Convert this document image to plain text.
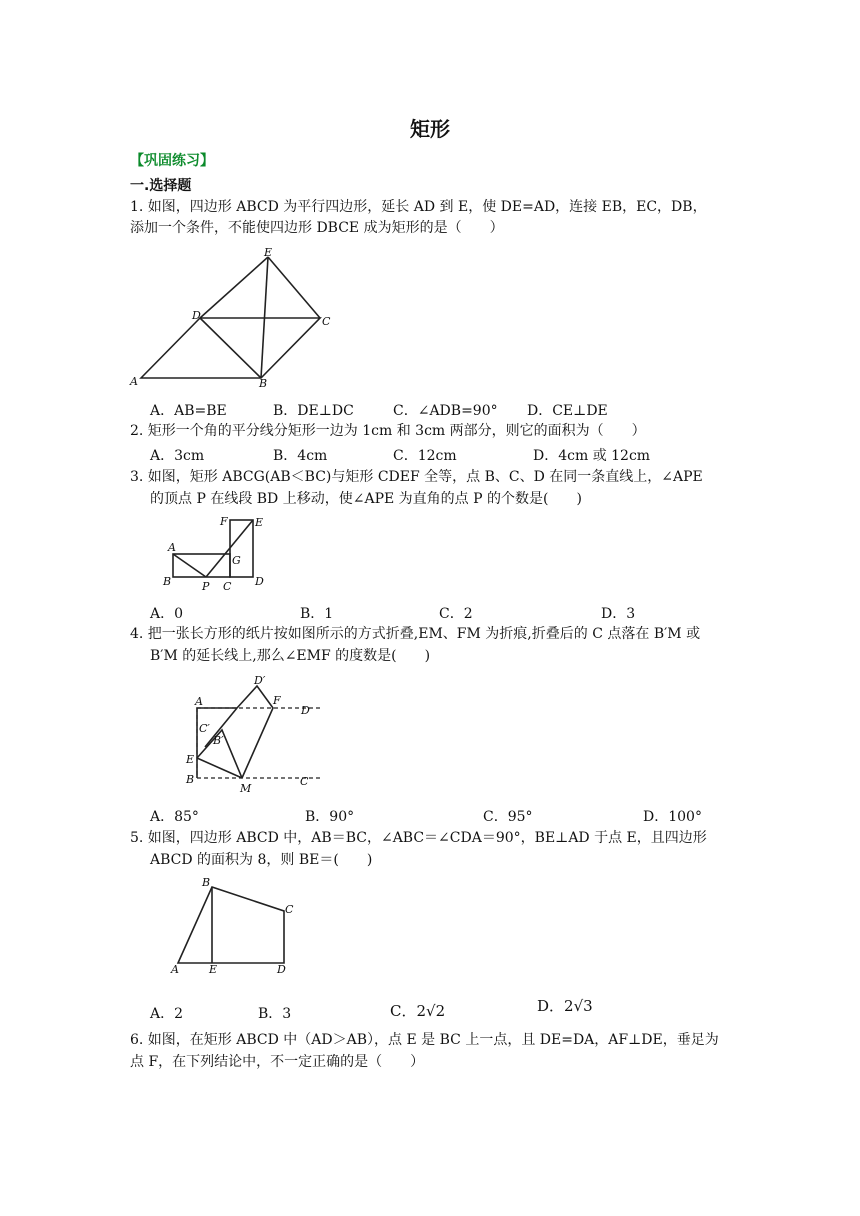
矩形
【巩固练习】
一.选择题
1. 如图，四边形 ABCD 为平行四边形，延长 AD 到 E，使 DE=AD，连接 EB，EC，DB，
添加一个条件，不能使四边形 DBCE 成为矩形的是（　　）
E
D	C
A	B
A．AB=BE	B．DE⊥DC	C．∠ADB=90° D．CE⊥DE
2. 矩形一个角的平分线分矩形一边为 1cm 和 3cm 两部分，则它的面积为（　　）
A．3cm	B．4cm	C．12cm	D．4cm 或 12cm
3. 如图，矩形 ABCG(AB＜BC)与矩形 CDEF 全等，点 B、C、D 在同一条直线上，∠APE
的顶点 P 在线段 BD 上移动，使∠APE 为直角的点 P 的个数是(　　)
F E
A
G
B	P C D
A．0	B．1	C．2	D．3
4. 把一张长方形的纸片按如图所示的方式折叠,EM、FM 为折痕,折叠后的 C 点落在 B′M 或
B′M 的延长线上,那么∠EMF 的度数是(　　)
D′
A	F
D
C′
B′
E
B
M
C
A．85°	B．90°	C．95°	D．100°
5. 如图，四边形 ABCD 中，AB＝BC，∠ABC＝∠CDA＝90°，BE⊥AD 于点 E，且四边形
ABCD 的面积为 8，则 BE＝(　　)
B
C
A	E	D
A．2	B．3	C．2√2	D．2√3
6. 如图，在矩形 ABCD 中（AD＞AB），点 E 是 BC 上一点，且 DE=DA，AF⊥DE，垂足为
点 F，在下列结论中，不一定正确的是（　　）
